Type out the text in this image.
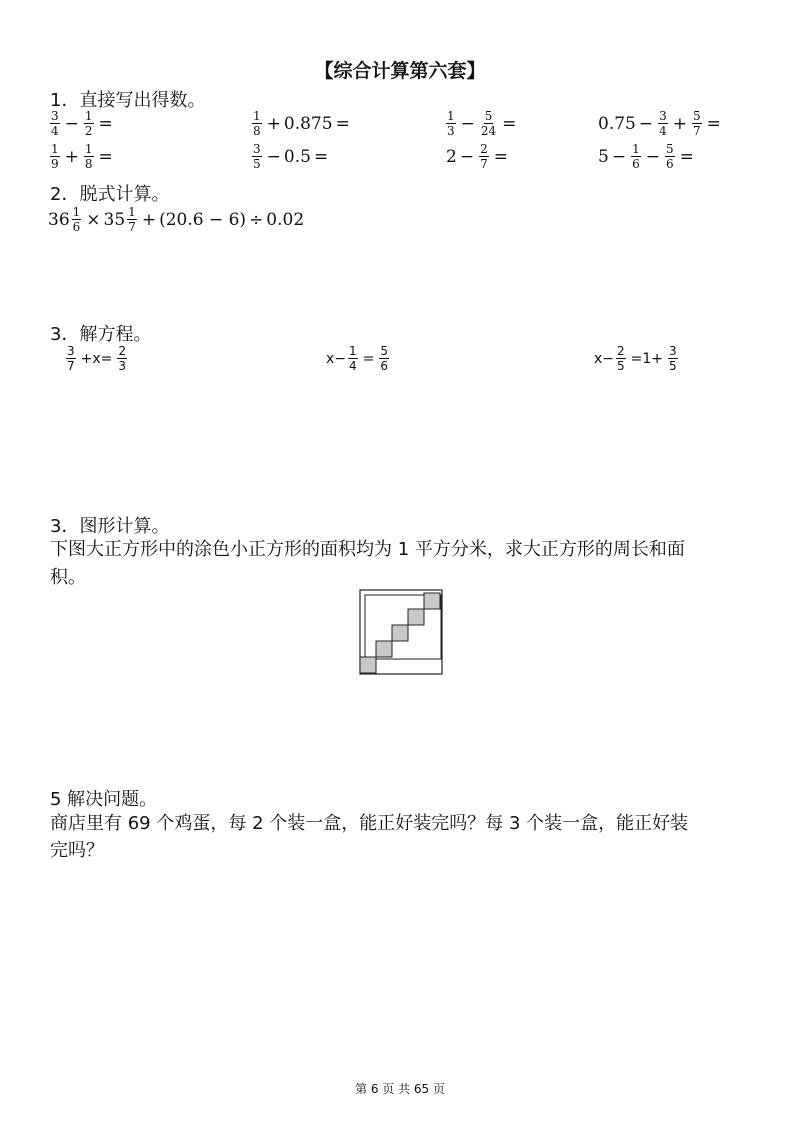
【综合计算第六套】
1．直接写出得数。
$\frac{3}{4} - \frac{1}{2}$ =	$\frac{1}{8} + 0.875$ =	$\frac{1}{3} - \frac{5}{24}$ =	$0.75 - \frac{3}{4} + \frac{5}{7}$ =
$\frac{1}{9} + \frac{1}{8}$ =	$\frac{3}{5} - 0.5$ =	$2 - \frac{2}{7}$ =	$5 - \frac{1}{6} - \frac{5}{6}$ =
2．脱式计算。
$36 \frac{1}{6} \times 35 \frac{1}{7} + (20.6 - 6) \div 0.02$
3．解方程。
$\frac{3}{7} +x= \frac{2}{3}$	$x- \frac{1}{4} = \frac{5}{6}$	$x- \frac{2}{5} =1+ \frac{3}{5}$
3．图形计算。
下图大正方形中的涂色小正方形的面积均为 1 平方分米，求大正方形的周长和面
积。
5 解决问题。
商店里有 69 个鸡蛋，每 2 个装一盒，能正好装完吗？每 3 个装一盒，能正好装
完吗？
第 6 页 共 65 页
